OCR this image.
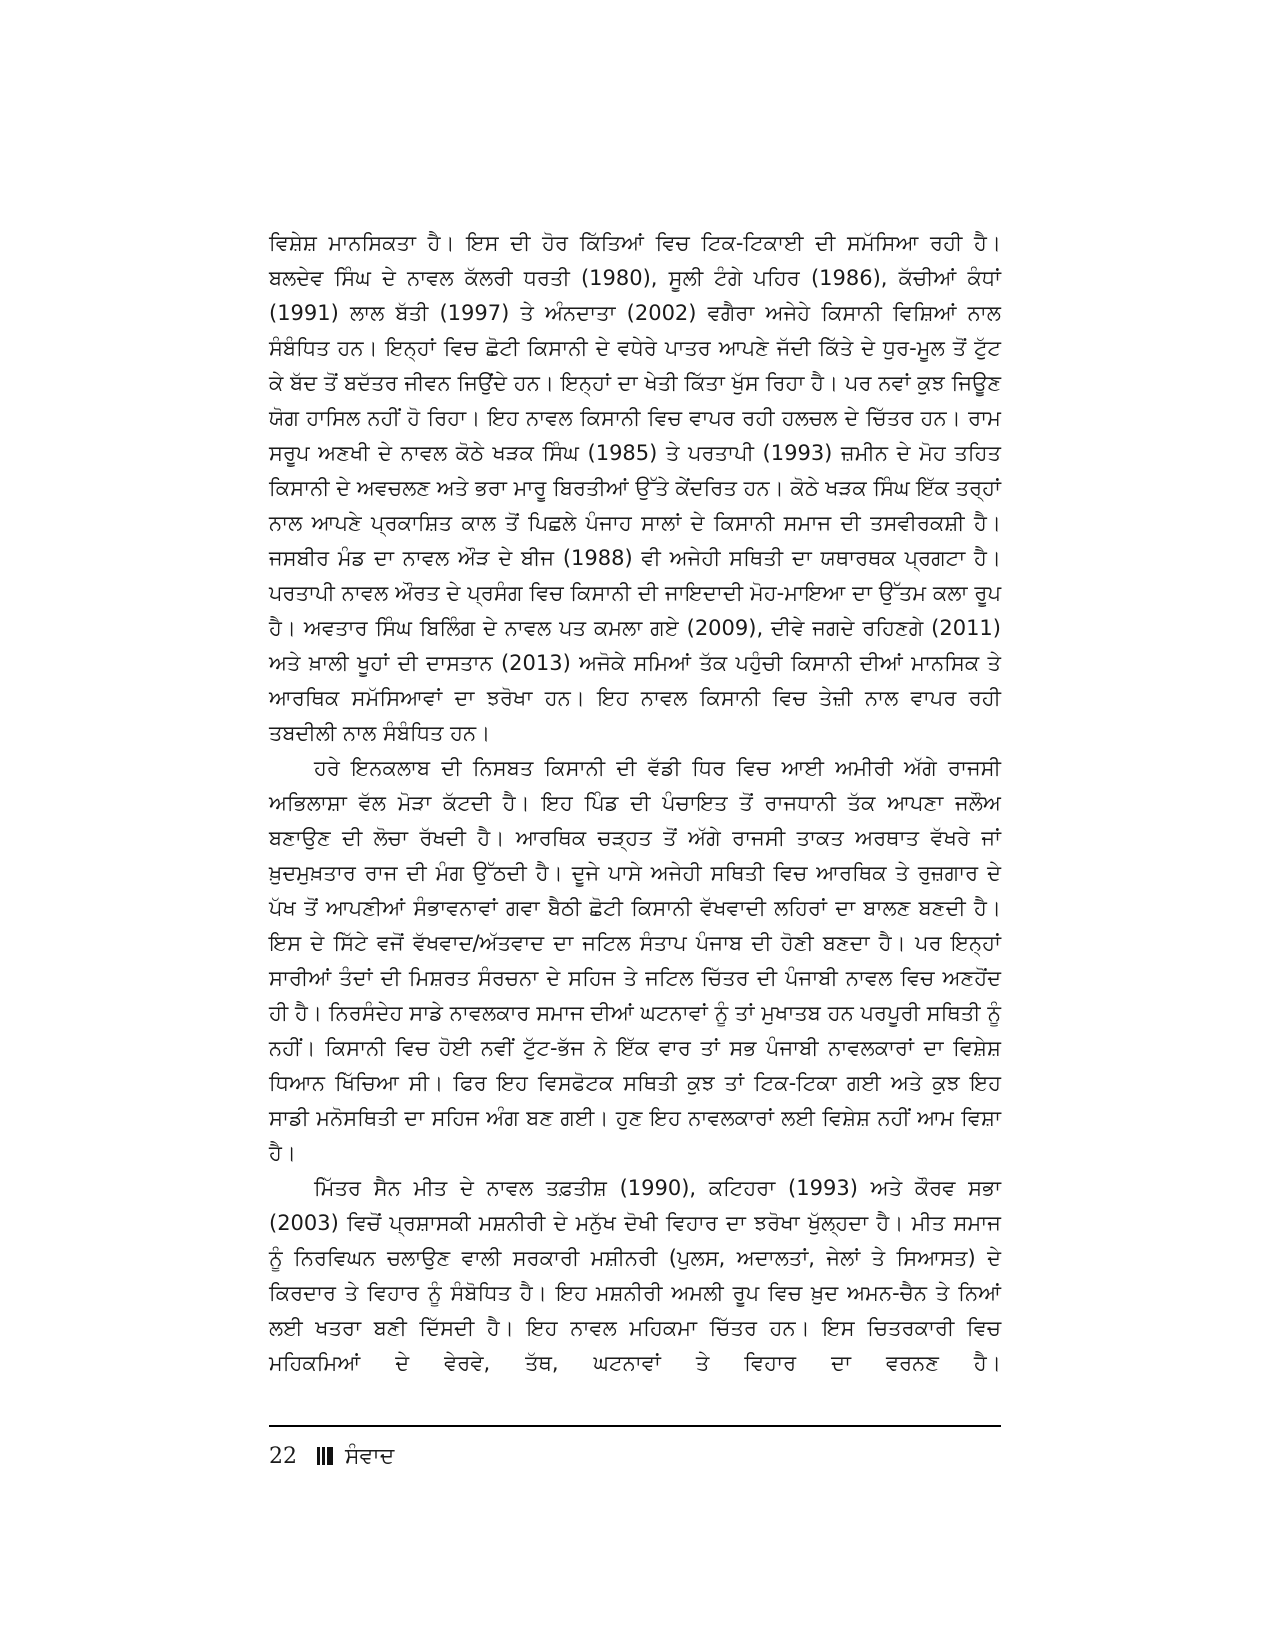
ਵਿਸ਼ੇਸ਼ ਮਾਨਸਿਕਤਾ ਹੈ। ਇਸ ਦੀ ਹੋਰ ਕਿੱਤਿਆਂ ਵਿਚ ਟਿਕ-ਟਿਕਾਈ ਦੀ ਸਮੱਸਿਆ ਰਹੀ ਹੈ। ਬਲਦੇਵ ਸਿੰਘ ਦੇ ਨਾਵਲ ਕੱਲਰੀ ਧਰਤੀ (1980), ਸੂਲੀ ਟੰਗੇ ਪਹਿਰ (1986), ਕੱਚੀਆਂ ਕੰਧਾਂ (1991) ਲਾਲ ਬੱਤੀ (1997) ਤੇ ਅੰਨਦਾਤਾ (2002) ਵਗੈਰਾ ਅਜੇਹੇ ਕਿਸਾਨੀ ਵਿਸ਼ਿਆਂ ਨਾਲ ਸੰਬੰਧਿਤ ਹਨ। ਇਨ੍ਹਾਂ ਵਿਚ ਛੋਟੀ ਕਿਸਾਨੀ ਦੇ ਵਧੇਰੇ ਪਾਤਰ ਆਪਣੇ ਜੱਦੀ ਕਿੱਤੇ ਦੇ ਧੁਰ-ਮੂਲ ਤੋਂ ਟੁੱਟ ਕੇ ਬੱਦ ਤੋਂ ਬਦੱਤਰ ਜੀਵਨ ਜਿਉਂਦੇ ਹਨ। ਇਨ੍ਹਾਂ ਦਾ ਖੇਤੀ ਕਿੱਤਾ ਖੁੱਸ ਰਿਹਾ ਹੈ। ਪਰ ਨਵਾਂ ਕੁਝ ਜਿਊਣ ਯੋਗ ਹਾਸਿਲ ਨਹੀਂ ਹੋ ਰਿਹਾ। ਇਹ ਨਾਵਲ ਕਿਸਾਨੀ ਵਿਚ ਵਾਪਰ ਰਹੀ ਹਲਚਲ ਦੇ ਚਿੱਤਰ ਹਨ। ਰਾਮ ਸਰੂਪ ਅਣਖੀ ਦੇ ਨਾਵਲ ਕੋਠੇ ਖੜਕ ਸਿੰਘ (1985) ਤੇ ਪਰਤਾਪੀ (1993) ਜ਼ਮੀਨ ਦੇ ਮੋਹ ਤਹਿਤ ਕਿਸਾਨੀ ਦੇ ਅਵਚਲਣ ਅਤੇ ਭਰਾ ਮਾਰੂ ਬਿਰਤੀਆਂ ਉੱਤੇ ਕੇਂਦਰਿਤ ਹਨ। ਕੋਠੇ ਖੜਕ ਸਿੰਘ ਇੱਕ ਤਰ੍ਹਾਂ ਨਾਲ ਆਪਣੇ ਪ੍ਰਕਾਸ਼ਿਤ ਕਾਲ ਤੋਂ ਪਿਛਲੇ ਪੰਜਾਹ ਸਾਲਾਂ ਦੇ ਕਿਸਾਨੀ ਸਮਾਜ ਦੀ ਤਸਵੀਰਕਸ਼ੀ ਹੈ। ਜਸਬੀਰ ਮੰਡ ਦਾ ਨਾਵਲ ਔੜ ਦੇ ਬੀਜ (1988) ਵੀ ਅਜੇਹੀ ਸਥਿਤੀ ਦਾ ਯਥਾਰਥਕ ਪ੍ਰਗਟਾ ਹੈ। ਪਰਤਾਪੀ ਨਾਵਲ ਔਰਤ ਦੇ ਪ੍ਰਸੰਗ ਵਿਚ ਕਿਸਾਨੀ ਦੀ ਜਾਇਦਾਦੀ ਮੋਹ-ਮਾਇਆ ਦਾ ਉੱਤਮ ਕਲਾ ਰੂਪ ਹੈ। ਅਵਤਾਰ ਸਿੰਘ ਬਿਲਿੰਗ ਦੇ ਨਾਵਲ ਪਤ ਕਮਲਾ ਗਏ (2009), ਦੀਵੇ ਜਗਦੇ ਰਹਿਣਗੇ (2011) ਅਤੇ ਖ਼ਾਲੀ ਖੂਹਾਂ ਦੀ ਦਾਸਤਾਨ (2013) ਅਜੋਕੇ ਸਮਿਆਂ ਤੱਕ ਪਹੁੰਚੀ ਕਿਸਾਨੀ ਦੀਆਂ ਮਾਨਸਿਕ ਤੇ ਆਰਥਿਕ ਸਮੱਸਿਆਵਾਂ ਦਾ ਝਰੋਖਾ ਹਨ। ਇਹ ਨਾਵਲ ਕਿਸਾਨੀ ਵਿਚ ਤੇਜ਼ੀ ਨਾਲ ਵਾਪਰ ਰਹੀ ਤਬਦੀਲੀ ਨਾਲ ਸੰਬੰਧਿਤ ਹਨ।

ਹਰੇ ਇਨਕਲਾਬ ਦੀ ਨਿਸਬਤ ਕਿਸਾਨੀ ਦੀ ਵੱਡੀ ਧਿਰ ਵਿਚ ਆਈ ਅਮੀਰੀ ਅੱਗੇ ਰਾਜਸੀ ਅਭਿਲਾਸ਼ਾ ਵੱਲ ਮੋੜਾ ਕੱਟਦੀ ਹੈ। ਇਹ ਪਿੰਡ ਦੀ ਪੰਚਾਇਤ ਤੋਂ ਰਾਜਧਾਨੀ ਤੱਕ ਆਪਣਾ ਜਲੌਅ ਬਣਾਉਣ ਦੀ ਲੋਚਾ ਰੱਖਦੀ ਹੈ। ਆਰਥਿਕ ਚੜ੍ਹਤ ਤੋਂ ਅੱਗੇ ਰਾਜਸੀ ਤਾਕਤ ਅਰਥਾਤ ਵੱਖਰੇ ਜਾਂ ਖ਼ੁਦਮੁਖ਼ਤਾਰ ਰਾਜ ਦੀ ਮੰਗ ਉੱਠਦੀ ਹੈ। ਦੂਜੇ ਪਾਸੇ ਅਜੇਹੀ ਸਥਿਤੀ ਵਿਚ ਆਰਥਿਕ ਤੇ ਰੁਜ਼ਗਾਰ ਦੇ ਪੱਖ ਤੋਂ ਆਪਣੀਆਂ ਸੰਭਾਵਨਾਵਾਂ ਗਵਾ ਬੈਠੀ ਛੋਟੀ ਕਿਸਾਨੀ ਵੱਖਵਾਦੀ ਲਹਿਰਾਂ ਦਾ ਬਾਲਣ ਬਣਦੀ ਹੈ। ਇਸ ਦੇ ਸਿੱਟੇ ਵਜੋਂ ਵੱਖਵਾਦ/ਅੱਤਵਾਦ ਦਾ ਜਟਿਲ ਸੰਤਾਪ ਪੰਜਾਬ ਦੀ ਹੋਣੀ ਬਣਦਾ ਹੈ। ਪਰ ਇਨ੍ਹਾਂ ਸਾਰੀਆਂ ਤੰਦਾਂ ਦੀ ਮਿਸ਼ਰਤ ਸੰਰਚਨਾ ਦੇ ਸਹਿਜ ਤੇ ਜਟਿਲ ਚਿੱਤਰ ਦੀ ਪੰਜਾਬੀ ਨਾਵਲ ਵਿਚ ਅਣਹੋਂਦ ਹੀ ਹੈ। ਨਿਰਸੰਦੇਹ ਸਾਡੇ ਨਾਵਲਕਾਰ ਸਮਾਜ ਦੀਆਂ ਘਟਨਾਵਾਂ ਨੂੰ ਤਾਂ ਮੁਖਾਤਬ ਹਨ ਪਰਪੂਰੀ ਸਥਿਤੀ ਨੂੰ ਨਹੀਂ। ਕਿਸਾਨੀ ਵਿਚ ਹੋਈ ਨਵੀਂ ਟੁੱਟ-ਭੱਜ ਨੇ ਇੱਕ ਵਾਰ ਤਾਂ ਸਭ ਪੰਜਾਬੀ ਨਾਵਲਕਾਰਾਂ ਦਾ ਵਿਸ਼ੇਸ਼ ਧਿਆਨ ਖਿੱਚਿਆ ਸੀ। ਫਿਰ ਇਹ ਵਿਸਫੋਟਕ ਸਥਿਤੀ ਕੁਝ ਤਾਂ ਟਿਕ-ਟਿਕਾ ਗਈ ਅਤੇ ਕੁਝ ਇਹ ਸਾਡੀ ਮਨੋਸਥਿਤੀ ਦਾ ਸਹਿਜ ਅੰਗ ਬਣ ਗਈ। ਹੁਣ ਇਹ ਨਾਵਲਕਾਰਾਂ ਲਈ ਵਿਸ਼ੇਸ਼ ਨਹੀਂ ਆਮ ਵਿਸ਼ਾ ਹੈ।

ਮਿੱਤਰ ਸੈਨ ਮੀਤ ਦੇ ਨਾਵਲ ਤਫ਼ਤੀਸ਼ (1990), ਕਟਿਹਰਾ (1993) ਅਤੇ ਕੌਰਵ ਸਭਾ (2003) ਵਿਚੋਂ ਪ੍ਰਸ਼ਾਸਕੀ ਮਸ਼ਨੀਰੀ ਦੇ ਮਨੁੱਖ ਦੋਖੀ ਵਿਹਾਰ ਦਾ ਝਰੋਖਾ ਖੁੱਲ੍ਹਦਾ ਹੈ। ਮੀਤ ਸਮਾਜ ਨੂੰ ਨਿਰਵਿਘਨ ਚਲਾਉਣ ਵਾਲੀ ਸਰਕਾਰੀ ਮਸ਼ੀਨਰੀ (ਪੁਲਸ, ਅਦਾਲਤਾਂ, ਜੇਲਾਂ ਤੇ ਸਿਆਸਤ) ਦੇ ਕਿਰਦਾਰ ਤੇ ਵਿਹਾਰ ਨੂੰ ਸੰਬੋਧਿਤ ਹੈ। ਇਹ ਮਸ਼ਨੀਰੀ ਅਮਲੀ ਰੂਪ ਵਿਚ ਖ਼ੁਦ ਅਮਨ-ਚੈਨ ਤੇ ਨਿਆਂ ਲਈ ਖਤਰਾ ਬਣੀ ਦਿੱਸਦੀ ਹੈ। ਇਹ ਨਾਵਲ ਮਹਿਕਮਾ ਚਿੱਤਰ ਹਨ। ਇਸ ਚਿਤਰਕਾਰੀ ਵਿਚ ਮਹਿਕਮਿਆਂ ਦੇ ਵੇਰਵੇ, ਤੱਥ, ਘਟਨਾਵਾਂ ਤੇ ਵਿਹਾਰ ਦਾ ਵਰਨਣ ਹੈ।

22 ਸੰਵਾਦ
